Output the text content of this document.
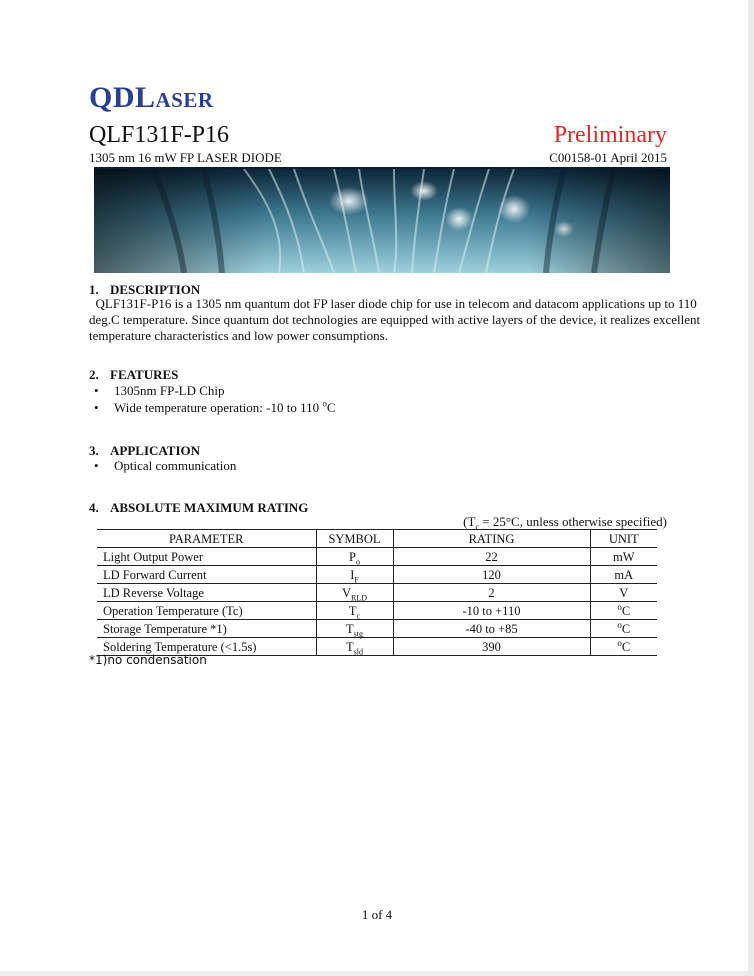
QDLASER
QLF131F-P16	Preliminary
1305 nm 16 mW FP LASER DIODE	C00158-01 April 2015
1. DESCRIPTION
QLF131F-P16 is a 1305 nm quantum dot FP laser diode chip for use in telecom and datacom applications up to 110
deg.C temperature. Since quantum dot technologies are equipped with active layers of the device, it realizes excellent
temperature characteristics and low power consumptions.
2. FEATURES
• 1305nm FP-LD Chip
• Wide temperature operation: -10 to 110 $^o$C
3. APPLICATION
• Optical communication
4. ABSOLUTE MAXIMUM RATING
($T_c = 25^\circ C$, unless otherwise specified)
PARAMETER	SYMBOL	RATING	UNIT
Light Output Power	$P_o$	22	mW
LD Forward Current	$I_F$	120	mA
LD Reverse Voltage	$V_{RLD}$	2	V
Operation Temperature (Tc)	$T_c$	-10 to +110	$^o$C
Storage Temperature *1)	$T_{stg}$	-40 to +85	$^o$C
Soldering Temperature (<1.5s)	$T_{sld}$	390	$^o$C
*1)no condensation
1 of 4
